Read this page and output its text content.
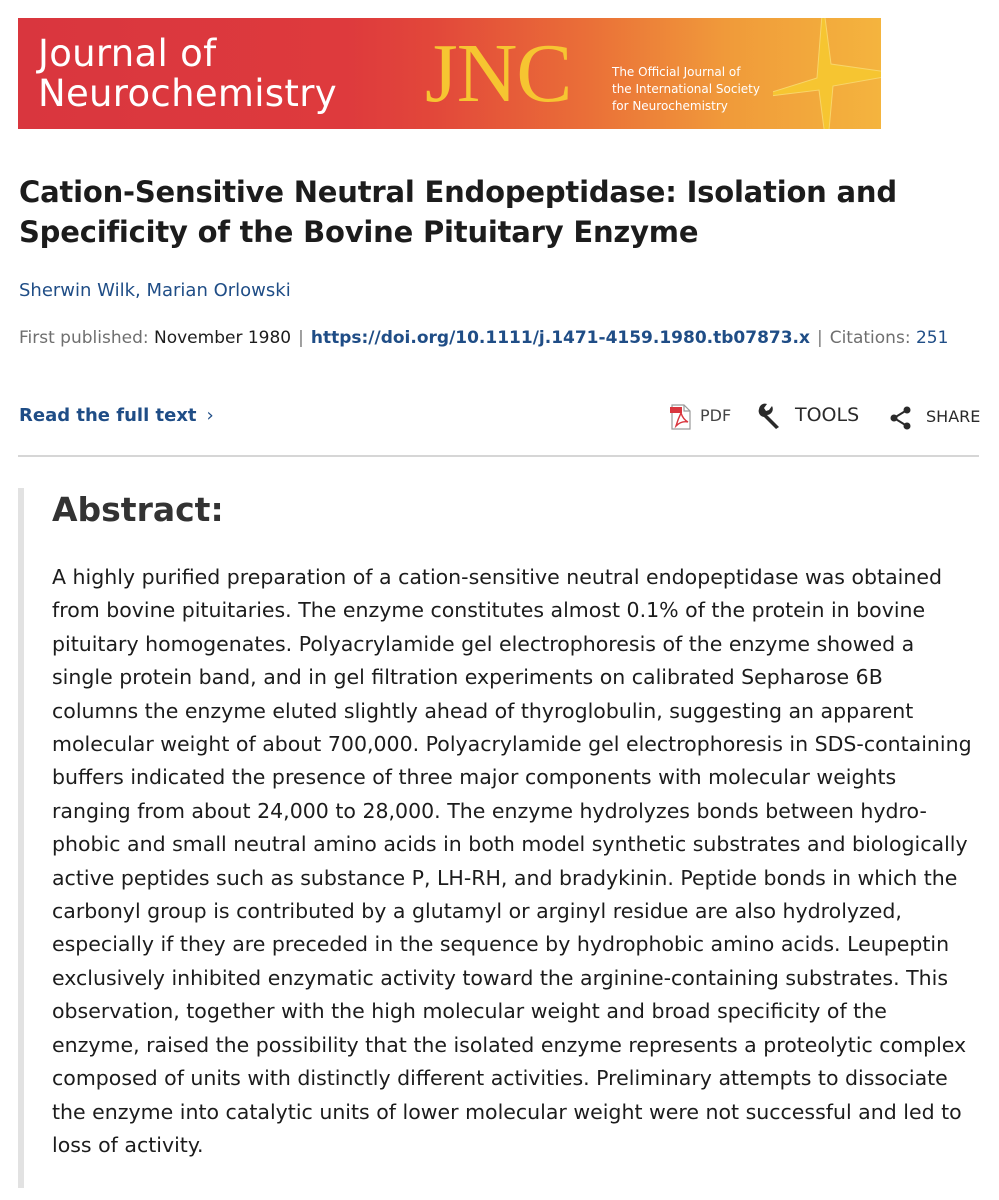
Journal of
Neurochemistry JNC	The Official Journal of
the International Society
for Neurochemistry
Cation-Sensitive Neutral Endopeptidase: Isolation and
Specificity of the Bovine Pituitary Enzyme
Sherwin Wilk, Marian Orlowski
First published: November 1980 | https://doi.org/10.1111/j.1471-4159.1980.tb07873.x | Citations: 251
Read the full text ›	PDF	TOOLS	SHARE
Abstract:
A highly purified preparation of a cation-sensitive neutral endopeptidase was obtained
from bovine pituitaries. The enzyme constitutes almost 0.1% of the protein in bovine
pituitary homogenates. Polyacrylamide gel electrophoresis of the enzyme showed a
single protein band, and in gel filtration experiments on calibrated Sepharose 6B
columns the enzyme eluted slightly ahead of thyroglobulin, suggesting an apparent
molecular weight of about 700,000. Polyacrylamide gel electrophoresis in SDS-containing
buffers indicated the presence of three major components with molecular weights
ranging from about 24,000 to 28,000. The enzyme hydrolyzes bonds between hydro-
phobic and small neutral amino acids in both model synthetic substrates and biologically
active peptides such as substance P, LH-RH, and bradykinin. Peptide bonds in which the
carbonyl group is contributed by a glutamyl or arginyl residue are also hydrolyzed,
especially if they are preceded in the sequence by hydrophobic amino acids. Leupeptin
exclusively inhibited enzymatic activity toward the arginine-containing substrates. This
observation, together with the high molecular weight and broad specificity of the
enzyme, raised the possibility that the isolated enzyme represents a proteolytic complex
composed of units with distinctly different activities. Preliminary attempts to dissociate
the enzyme into catalytic units of lower molecular weight were not successful and led to
loss of activity.
